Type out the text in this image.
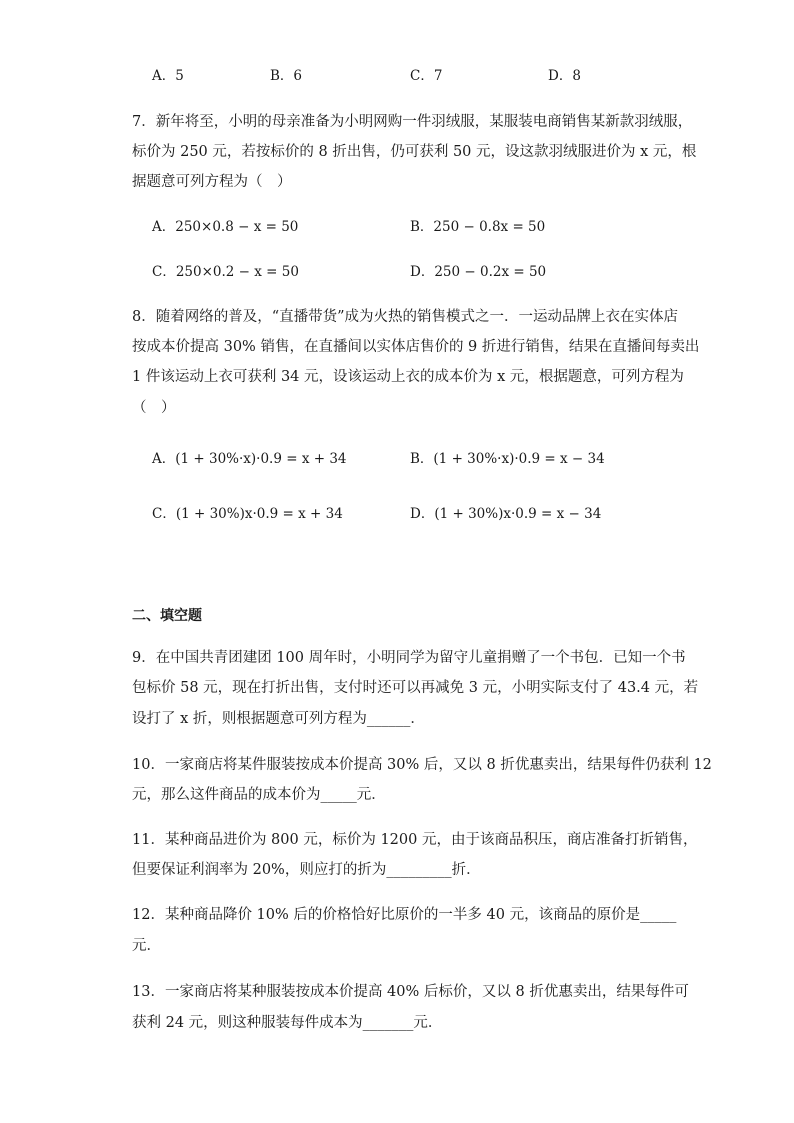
A．5	B．6	C．7	D．8
7．新年将至，小明的母亲准备为小明网购一件羽绒服，某服装电商销售某新款羽绒服，
标价为 250 元，若按标价的 8 折出售，仍可获利 50 元，设这款羽绒服进价为 x 元，根
据题意可列方程为（　）
A．250×0.8 − x = 50	B．250 − 0.8x = 50
C．250×0.2 − x = 50	D．250 − 0.2x = 50
8．随着网络的普及，“直播带货”成为火热的销售模式之一．一运动品牌上衣在实体店
按成本价提高 30% 销售，在直播间以实体店售价的 9 折进行销售，结果在直播间每卖出
1 件该运动上衣可获利 34 元，设该运动上衣的成本价为 x 元，根据题意，可列方程为
（　）
A．(1 + 30%·x)·0.9 = x + 34	B．(1 + 30%·x)·0.9 = x − 34
C．(1 + 30%)x·0.9 = x + 34	D．(1 + 30%)x·0.9 = x − 34
二、填空题
9．在中国共青团建团 100 周年时，小明同学为留守儿童捐赠了一个书包．已知一个书
包标价 58 元，现在打折出售，支付时还可以再减免 3 元，小明实际支付了 43.4 元，若
设打了 x 折，则根据题意可列方程为______．
10．一家商店将某件服装按成本价提高 30% 后，又以 8 折优惠卖出，结果每件仍获利 12
元，那么这件商品的成本价为_____元．
11．某种商品进价为 800 元，标价为 1200 元，由于该商品积压，商店准备打折销售，
但要保证利润率为 20%，则应打的折为_________折．
12．某种商品降价 10% 后的价格恰好比原价的一半多 40 元，该商品的原价是_____
元．
13．一家商店将某种服装按成本价提高 40% 后标价，又以 8 折优惠卖出，结果每件可
获利 24 元，则这种服装每件成本为_______元．
